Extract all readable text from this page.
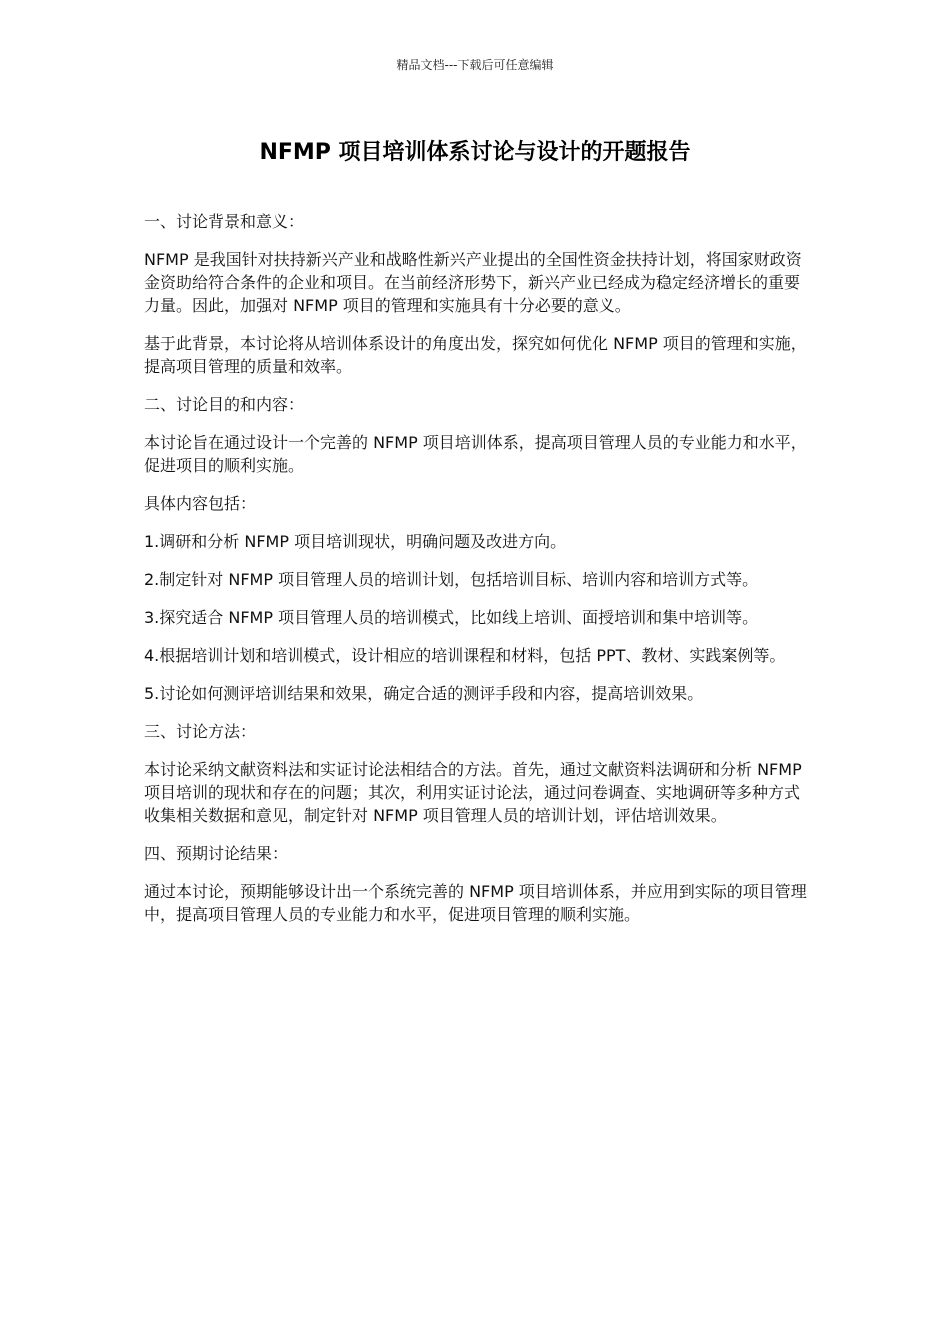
精品文档---下载后可任意编辑
NFMP 项目培训体系讨论与设计的开题报告

一、讨论背景和意义：

NFMP 是我国针对扶持新兴产业和战略性新兴产业提出的全国性资金扶持计划，将国家财政资金资助给符合条件的企业和项目。在当前经济形势下，新兴产业已经成为稳定经济增长的重要力量。因此，加强对 NFMP 项目的管理和实施具有十分必要的意义。

基于此背景，本讨论将从培训体系设计的角度出发，探究如何优化 NFMP 项目的管理和实施，提高项目管理的质量和效率。

二、讨论目的和内容：

本讨论旨在通过设计一个完善的 NFMP 项目培训体系，提高项目管理人员的专业能力和水平，促进项目的顺利实施。

具体内容包括：

1.调研和分析 NFMP 项目培训现状，明确问题及改进方向。

2.制定针对 NFMP 项目管理人员的培训计划，包括培训目标、培训内容和培训方式等。

3.探究适合 NFMP 项目管理人员的培训模式，比如线上培训、面授培训和集中培训等。

4.根据培训计划和培训模式，设计相应的培训课程和材料，包括 PPT、教材、实践案例等。

5.讨论如何测评培训结果和效果，确定合适的测评手段和内容，提高培训效果。

三、讨论方法：

本讨论采纳文献资料法和实证讨论法相结合的方法。首先，通过文献资料法调研和分析 NFMP 项目培训的现状和存在的问题；其次，利用实证讨论法，通过问卷调查、实地调研等多种方式收集相关数据和意见，制定针对 NFMP 项目管理人员的培训计划，评估培训效果。

四、预期讨论结果：

通过本讨论，预期能够设计出一个系统完善的 NFMP 项目培训体系，并应用到实际的项目管理中，提高项目管理人员的专业能力和水平，促进项目管理的顺利实施。
